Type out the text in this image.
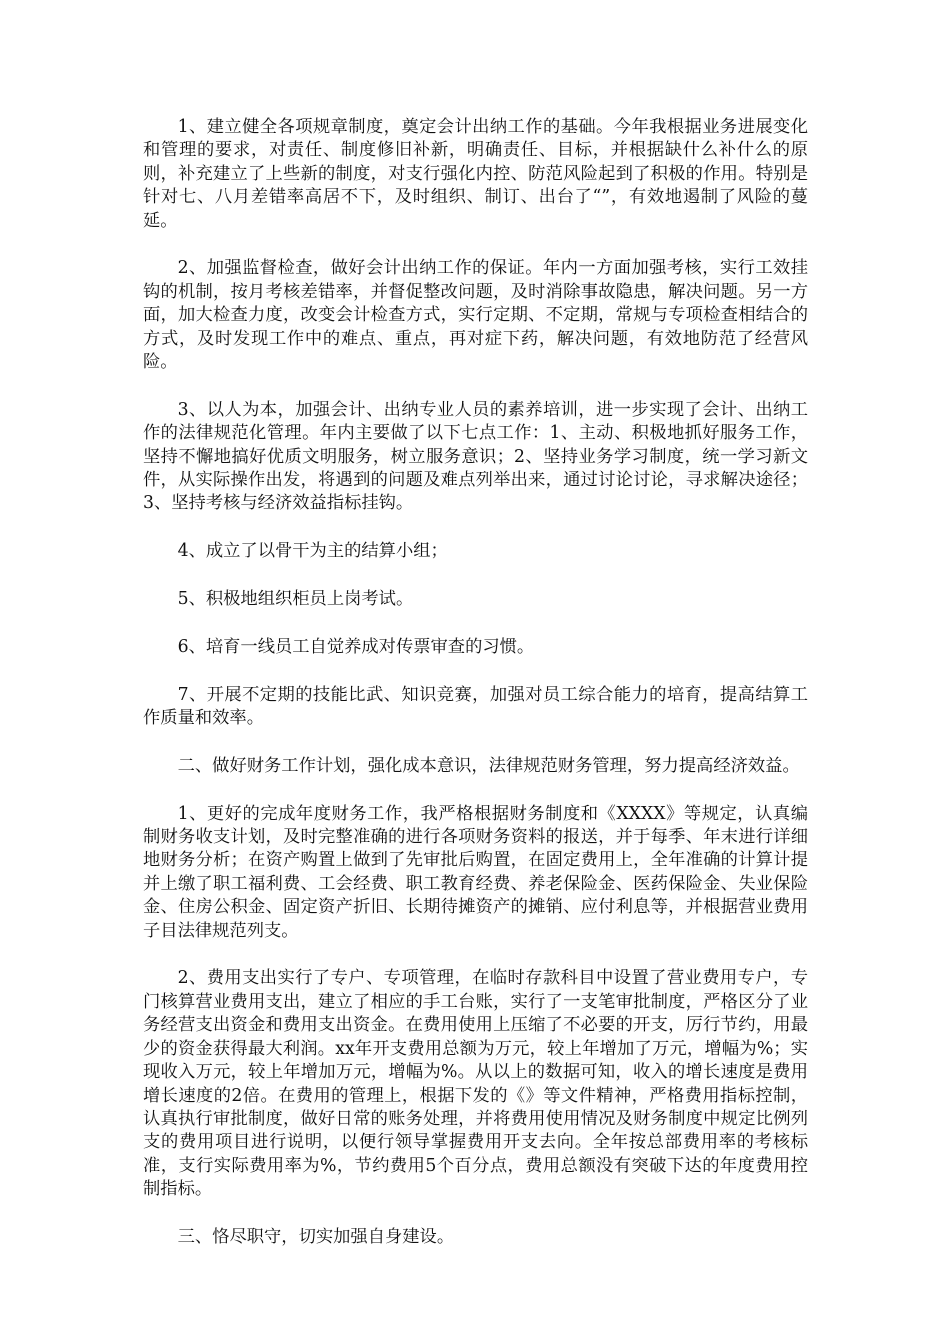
1、建立健全各项规章制度，奠定会计出纳工作的基础。今年我根据业务进展变化和管理的要求，对责任、制度修旧补新，明确责任、目标，并根据缺什么补什么的原则，补充建立了上些新的制度，对支行强化内控、防范风险起到了积极的作用。特别是针对七、八月差错率高居不下，及时组织、制订、出台了“”，有效地遏制了风险的蔓延。

2、加强监督检查，做好会计出纳工作的保证。年内一方面加强考核，实行工效挂钩的机制，按月考核差错率，并督促整改问题，及时消除事故隐患，解决问题。另一方面，加大检查力度，改变会计检查方式，实行定期、不定期，常规与专项检查相结合的方式，及时发现工作中的难点、重点，再对症下药，解决问题，有效地防范了经营风险。

3、以人为本，加强会计、出纳专业人员的素养培训，进一步实现了会计、出纳工作的法律规范化管理。年内主要做了以下七点工作：1、主动、积极地抓好服务工作，坚持不懈地搞好优质文明服务，树立服务意识；2、坚持业务学习制度，统一学习新文件，从实际操作出发，将遇到的问题及难点列举出来，通过讨论讨论，寻求解决途径；3、坚持考核与经济效益指标挂钩。

4、成立了以骨干为主的结算小组；

5、积极地组织柜员上岗考试。

6、培育一线员工自觉养成对传票审查的习惯。

7、开展不定期的技能比武、知识竞赛，加强对员工综合能力的培育，提高结算工作质量和效率。

二、做好财务工作计划，强化成本意识，法律规范财务管理，努力提高经济效益。

1、更好的完成年度财务工作，我严格根据财务制度和《XXXX》等规定，认真编制财务收支计划，及时完整准确的进行各项财务资料的报送，并于每季、年末进行详细地财务分析；在资产购置上做到了先审批后购置，在固定费用上，全年准确的计算计提并上缴了职工福利费、工会经费、职工教育经费、养老保险金、医药保险金、失业保险金、住房公积金、固定资产折旧、长期待摊资产的摊销、应付利息等，并根据营业费用子目法律规范列支。

2、费用支出实行了专户、专项管理，在临时存款科目中设置了营业费用专户，专门核算营业费用支出，建立了相应的手工台账，实行了一支笔审批制度，严格区分了业务经营支出资金和费用支出资金。在费用使用上压缩了不必要的开支，厉行节约，用最少的资金获得最大利润。xx年开支费用总额为万元，较上年增加了万元，增幅为%；实现收入万元，较上年增加万元，增幅为%。从以上的数据可知，收入的增长速度是费用增长速度的2倍。在费用的管理上，根据下发的《》等文件精神，严格费用指标控制，认真执行审批制度，做好日常的账务处理，并将费用使用情况及财务制度中规定比例列支的费用项目进行说明，以便行领导掌握费用开支去向。全年按总部费用率的考核标准，支行实际费用率为%，节约费用5个百分点，费用总额没有突破下达的年度费用控制指标。

三、恪尽职守，切实加强自身建设。
